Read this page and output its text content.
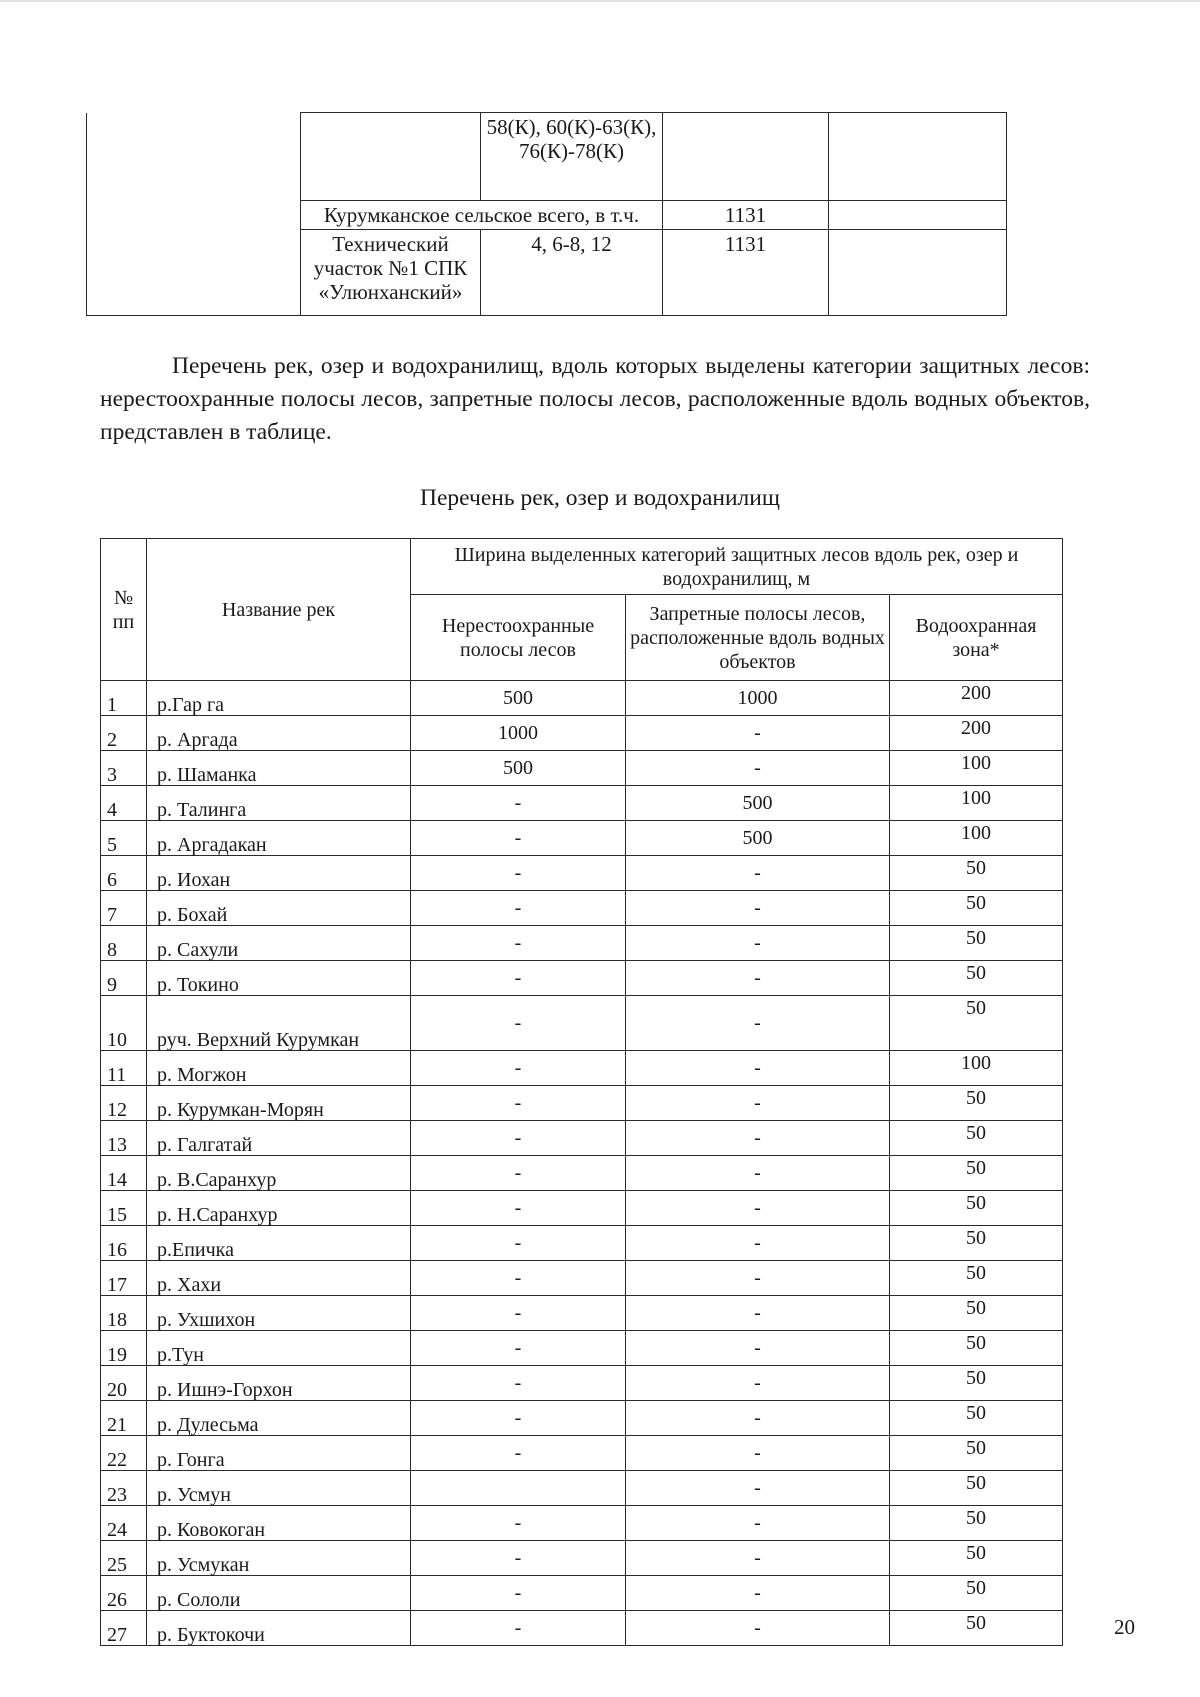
		58(К), 60(К)-63(К), 76(К)-78(К)		
	Курумканское сельское всего, в т.ч.		1131	
	Технический участок №1 СПК «Улюнханский»	4, 6-8, 12	1131	

Перечень рек, озер и водохранилищ, вдоль которых выделены категории защитных лесов: нерестоохранные полосы лесов, запретные полосы лесов, расположенные вдоль водных объектов, представлен в таблице.

Перечень рек, озер и водохранилищ

№ пп	Название рек	Ширина выделенных категорий защитных лесов вдоль рек, озер и водохранилищ, м		
		Нерестоохранные полосы лесов	Запретные полосы лесов, расположенные вдоль водных объектов	Водоохранная зона*
1	р.Гар га	500	1000	200
2	р. Аргада	1000	-	200
3	р. Шаманка	500	-	100
4	р. Талинга	-	500	100
5	р. Аргадакан	-	500	100
6	р. Иохан	-	-	50
7	р. Бохай	-	-	50
8	р. Сахули	-	-	50
9	р. Токино	-	-	50
10	руч. Верхний Курумкан	-	-	50
11	р. Могжон	-	-	100
12	р. Курумкан-Морян	-	-	50
13	р. Галгатай	-	-	50
14	р. В.Саранхур	-	-	50
15	р. Н.Саранхур	-	-	50
16	р.Епичка	-	-	50
17	р. Хахи	-	-	50
18	р. Ухшихон	-	-	50
19	р.Тун	-	-	50
20	р. Ишнэ-Горхон	-	-	50
21	р. Дулесьма	-	-	50
22	р. Гонга	-	-	50
23	р. Усмун		-	50
24	р. Ковокоган	-	-	50
25	р. Усмукан	-	-	50
26	р. Сололи	-	-	50
27	р. Буктокочи	-	-	50	20
